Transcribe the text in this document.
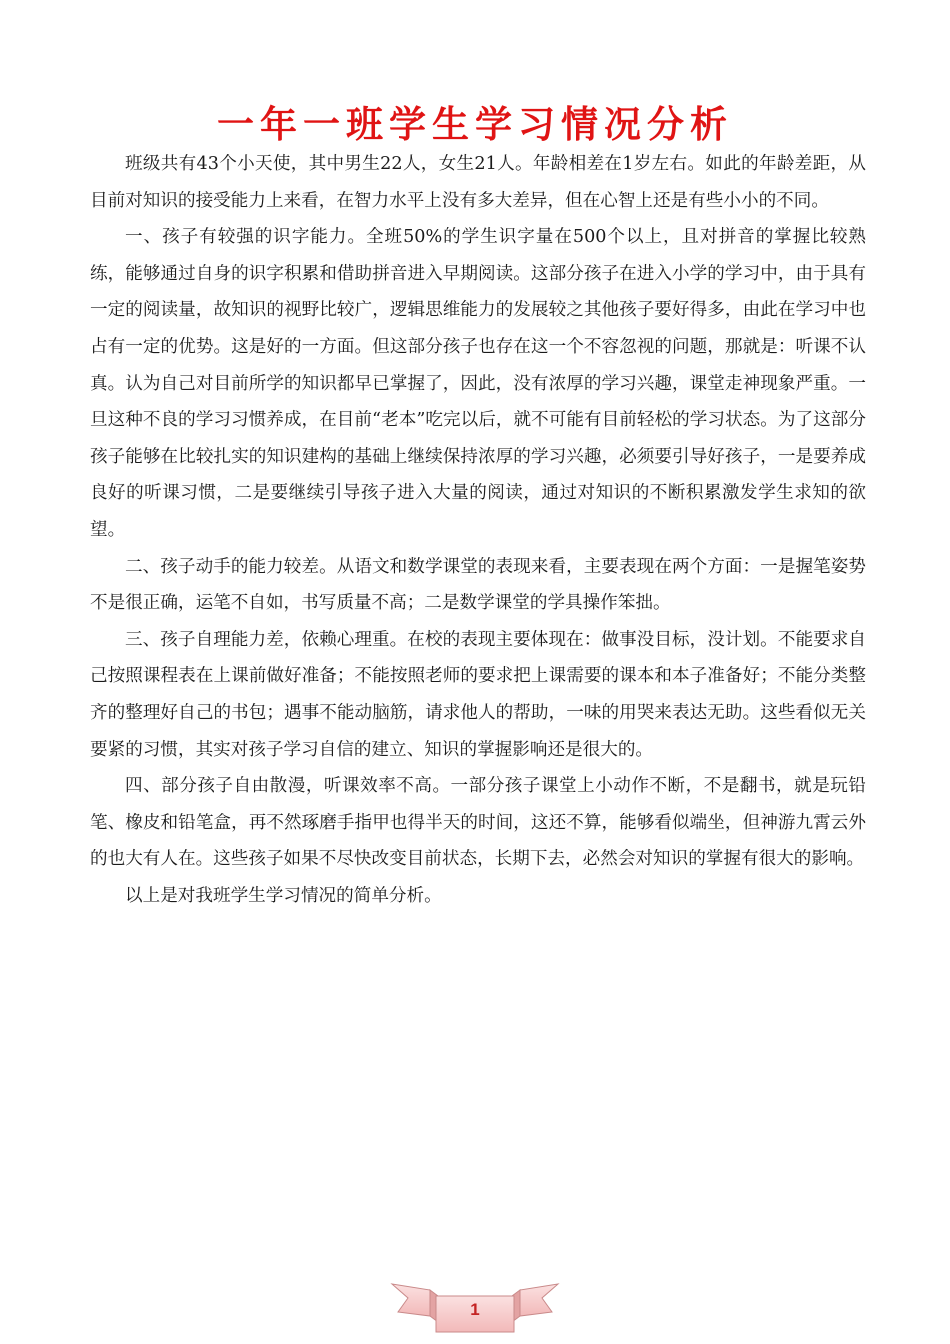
一年一班学生学习情况分析

班级共有43个小天使，其中男生22人，女生21人。年龄相差在1岁左右。如此的年龄差距，从目前对知识的接受能力上来看，在智力水平上没有多大差异，但在心智上还是有些小小的不同。

一、孩子有较强的识字能力。全班50%的学生识字量在500个以上，且对拼音的掌握比较熟练，能够通过自身的识字积累和借助拼音进入早期阅读。这部分孩子在进入小学的学习中，由于具有一定的阅读量，故知识的视野比较广，逻辑思维能力的发展较之其他孩子要好得多，由此在学习中也占有一定的优势。这是好的一方面。但这部分孩子也存在这一个不容忽视的问题，那就是：听课不认真。认为自己对目前所学的知识都早已掌握了，因此，没有浓厚的学习兴趣，课堂走神现象严重。一旦这种不良的学习习惯养成，在目前“老本”吃完以后，就不可能有目前轻松的学习状态。为了这部分孩子能够在比较扎实的知识建构的基础上继续保持浓厚的学习兴趣，必须要引导好孩子，一是要养成良好的听课习惯，二是要继续引导孩子进入大量的阅读，通过对知识的不断积累激发学生求知的欲望。

二、孩子动手的能力较差。从语文和数学课堂的表现来看，主要表现在两个方面：一是握笔姿势不是很正确，运笔不自如，书写质量不高；二是数学课堂的学具操作笨拙。

三、孩子自理能力差，依赖心理重。在校的表现主要体现在：做事没目标，没计划。不能要求自己按照课程表在上课前做好准备；不能按照老师的要求把上课需要的课本和本子准备好；不能分类整齐的整理好自己的书包；遇事不能动脑筋，请求他人的帮助，一味的用哭来表达无助。这些看似无关要紧的习惯，其实对孩子学习自信的建立、知识的掌握影响还是很大的。

四、部分孩子自由散漫，听课效率不高。一部分孩子课堂上小动作不断，不是翻书，就是玩铅笔、橡皮和铅笔盒，再不然琢磨手指甲也得半天的时间，这还不算，能够看似端坐，但神游九霄云外的也大有人在。这些孩子如果不尽快改变目前状态，长期下去，必然会对知识的掌握有很大的影响。

以上是对我班学生学习情况的简单分析。

1
